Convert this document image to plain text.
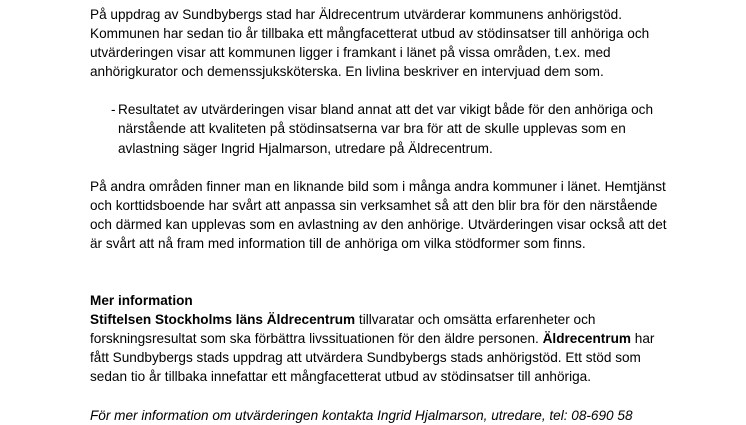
På uppdrag av Sundbybergs stad har Äldrecentrum utvärderar kommunens anhörigstöd. Kommunen har sedan tio år tillbaka ett mångfacetterat utbud av stödinsatser till anhöriga och utvärderingen visar att kommunen ligger i framkant i länet på vissa områden, t.ex. med anhörigkurator och demenssjuksköterska. En livlina beskriver en intervjuad dem som.

- Resultatet av utvärderingen visar bland annat att det var vikigt både för den anhöriga och närstående att kvaliteten på stödinsatserna var bra för att de skulle upplevas som en avlastning säger Ingrid Hjalmarson, utredare på Äldrecentrum.

På andra områden finner man en liknande bild som i många andra kommuner i länet. Hemtjänst och korttidsboende har svårt att anpassa sin verksamhet så att den blir bra för den närstående och därmed kan upplevas som en avlastning av den anhörige. Utvärderingen visar också att det är svårt att nå fram med information till de anhöriga om vilka stödformer som finns.

Mer information

Stiftelsen Stockholms läns Äldrecentrum tillvaratar och omsätta erfarenheter och forskningsresultat som ska förbättra livssituationen för den äldre personen. Äldrecentrum har fått Sundbybergs stads uppdrag att utvärdera Sundbybergs stads anhörigstöd. Ett stöd som sedan tio år tillbaka innefattar ett mångfacetterat utbud av stödinsatser till anhöriga.

För mer information om utvärderingen kontakta Ingrid Hjalmarson, utredare, tel: 08-690 58
